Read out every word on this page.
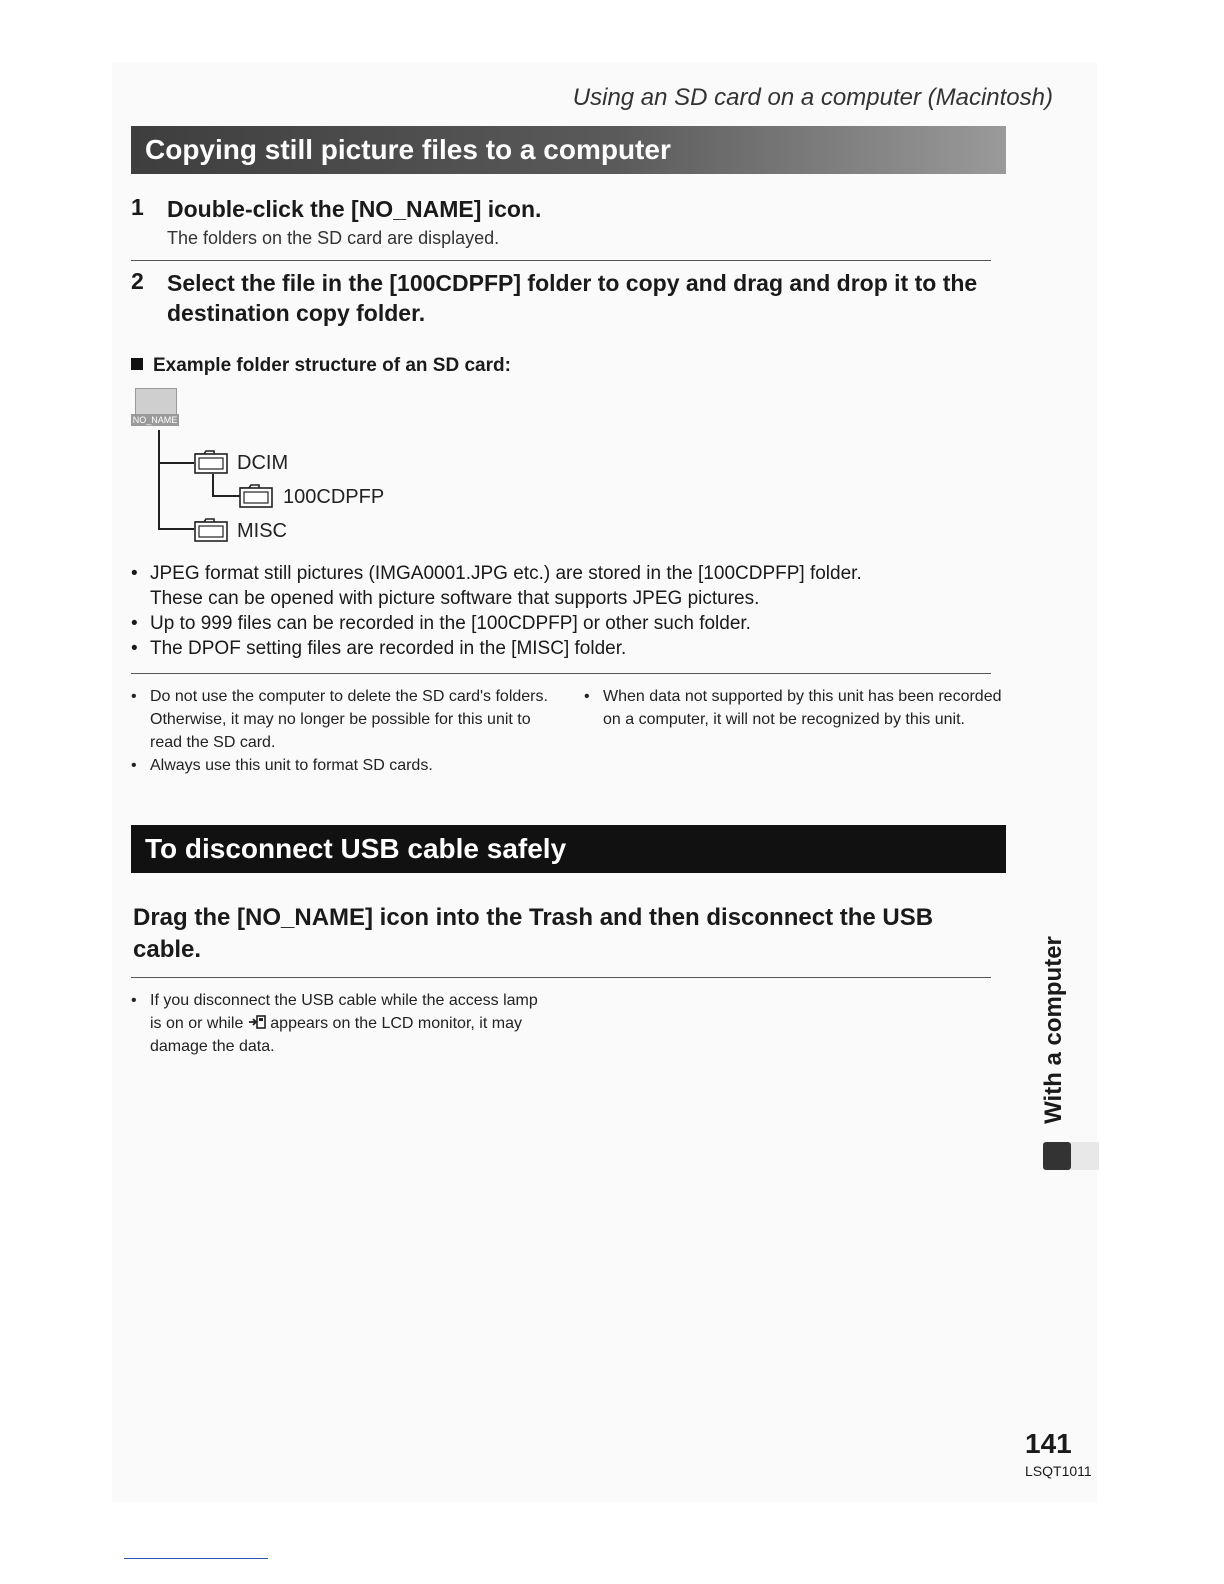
Using an SD card on a computer (Macintosh)
Copying still picture files to a computer
1 Double-click the [NO_NAME] icon.
The folders on the SD card are displayed.
2 Select the file in the [100CDPFP] folder to copy and drag and drop it to the destination copy folder.
Example folder structure of an SD card:
NO_NAME
DCIM
100CDPFP
MISC
• JPEG format still pictures (IMGA0001.JPG etc.) are stored in the [100CDPFP] folder.
These can be opened with picture software that supports JPEG pictures.
• Up to 999 files can be recorded in the [100CDPFP] or other such folder.
• The DPOF setting files are recorded in the [MISC] folder.
• Do not use the computer to delete the SD card's folders. Otherwise, it may no longer be possible for this unit to read the SD card.
• Always use this unit to format SD cards.
• When data not supported by this unit has been recorded on a computer, it will not be recognized by this unit.
To disconnect USB cable safely
Drag the [NO_NAME] icon into the Trash and then disconnect the USB cable.
• If you disconnect the USB cable while the access lamp is on or while appears on the LCD monitor, it may damage the data.	With a computer
141
LSQT1011
